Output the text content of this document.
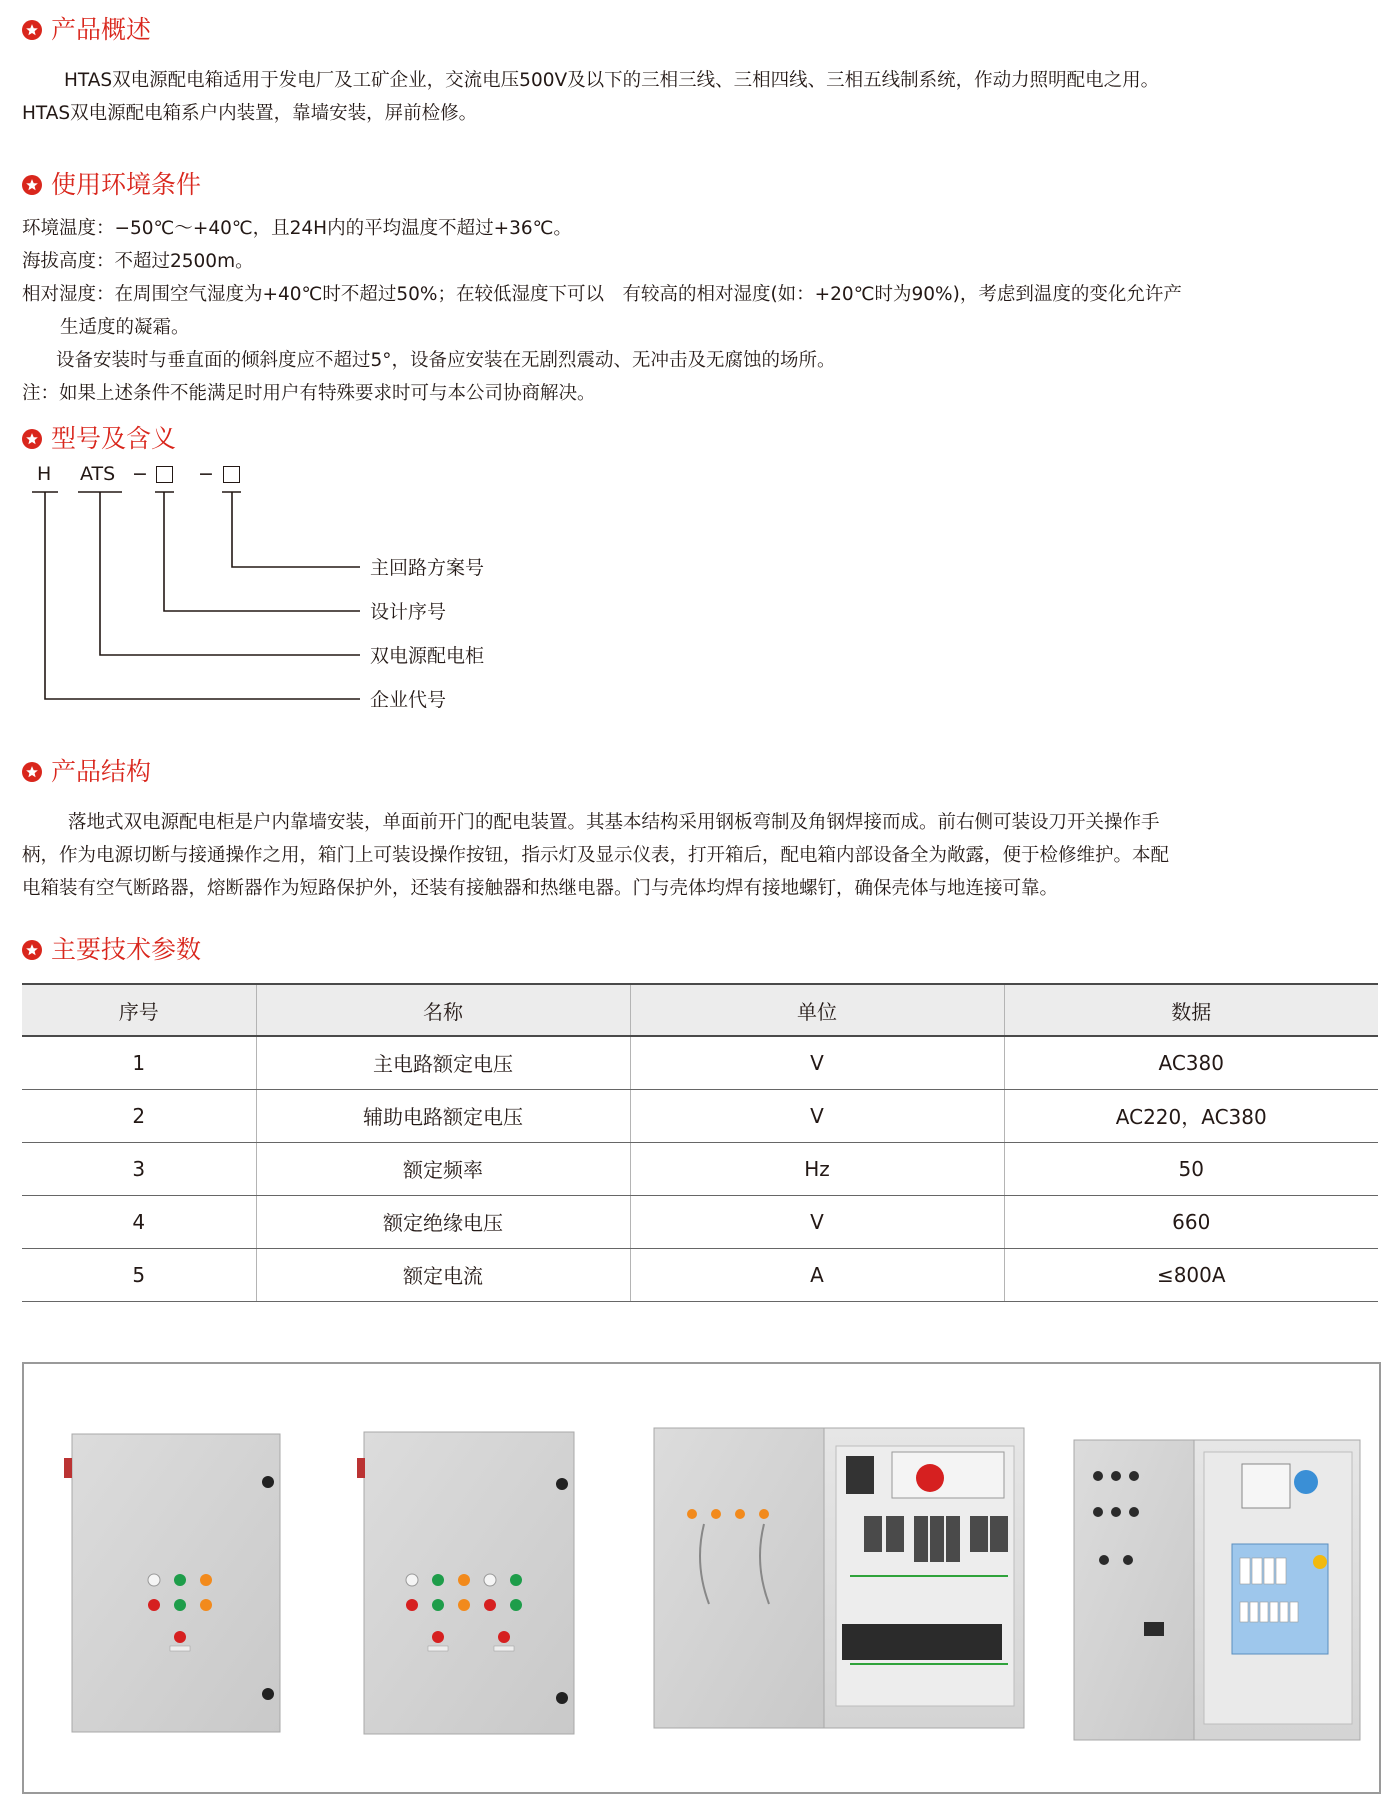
产品概述
HTAS双电源配电箱适用于发电厂及工矿企业，交流电压500V及以下的三相三线、三相四线、三相五线制系统，作动力照明配电之用。
HTAS双电源配电箱系户内装置，靠墙安装，屏前检修。
使用环境条件
环境温度：−50℃～+40℃，且24H内的平均温度不超过+36℃。
海拔高度：不超过2500m。
相对湿度：在周围空气湿度为+40℃时不超过50%；在较低湿度下可以　有较高的相对湿度(如：+20℃时为90%)，考虑到温度的变化允许产
生适度的凝霜。
设备安装时与垂直面的倾斜度应不超过5°，设备应安装在无剧烈震动、无冲击及无腐蚀的场所。
注：如果上述条件不能满足时用户有特殊要求时可与本公司协商解决。
型号及含义
H ATS −	−
主回路方案号
设计序号
双电源配电柜
企业代号
产品结构
落地式双电源配电柜是户内靠墙安装，单面前开门的配电装置。其基本结构采用钢板弯制及角钢焊接而成。前右侧可装设刀开关操作手
柄，作为电源切断与接通操作之用，箱门上可装设操作按钮，指示灯及显示仪表，打开箱后，配电箱内部设备全为敞露，便于检修维护。本配
电箱装有空气断路器，熔断器作为短路保护外，还装有接触器和热继电器。门与壳体均焊有接地螺钉，确保壳体与地连接可靠。
主要技术参数
序号	名称	单位	数据
1	主电路额定电压	V	AC380
2	辅助电路额定电压	V	AC220，AC380
3	额定频率	Hz	50
4	额定绝缘电压	V	660
5	额定电流	A	≤800A
